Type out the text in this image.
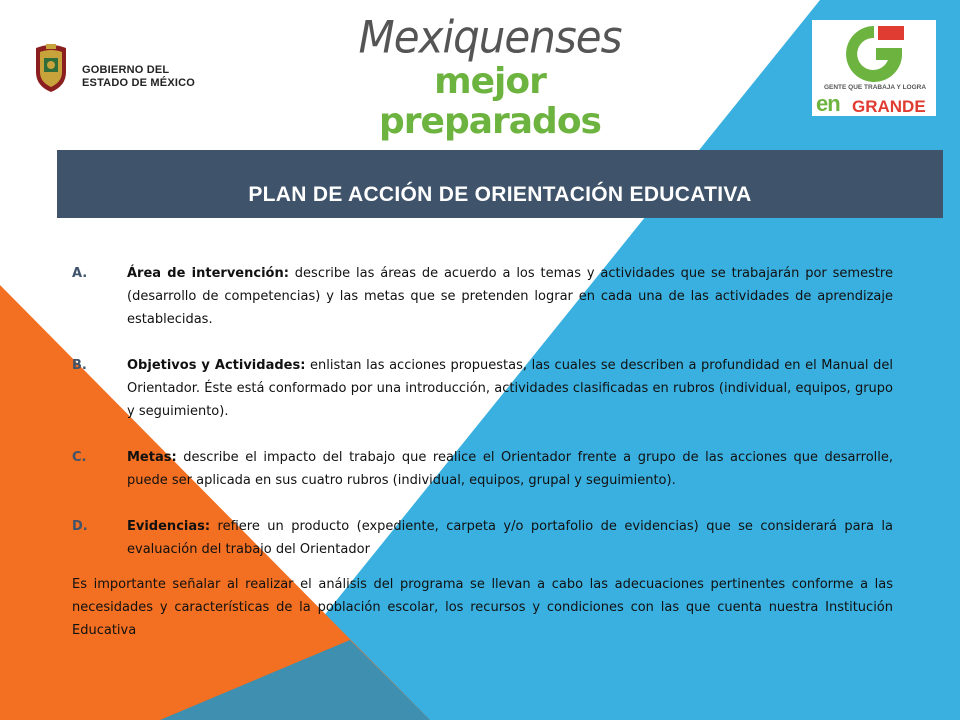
GOBIERNO DEL
ESTADO DE MÉXICO
Mexiquenses
mejor preparados
GENTE QUE TRABAJA Y LOGRA
en GRANDE
PLAN DE ACCIÓN DE ORIENTACIÓN EDUCATIVA
A.	Área de intervención: describe las áreas de acuerdo a los temas y actividades que se trabajarán por semestre (desarrollo de competencias) y las metas que se pretenden lograr en cada una de las actividades de aprendizaje establecidas.
B.	Objetivos y Actividades: enlistan las acciones propuestas, las cuales se describen a profundidad en el Manual del Orientador. Éste está conformado por una introducción, actividades clasificadas en rubros (individual, equipos, grupo y seguimiento).
C.	Metas: describe el impacto del trabajo que realice el Orientador frente a grupo de las acciones que desarrolle, puede ser aplicada en sus cuatro rubros (individual, equipos, grupal y seguimiento).
D.	Evidencias: refiere un producto (expediente, carpeta y/o portafolio de evidencias) que se considerará para la evaluación del trabajo del Orientador
Es importante señalar al realizar el análisis del programa se llevan a cabo las adecuaciones pertinentes conforme a las necesidades y características de la población escolar, los recursos y condiciones con las que cuenta nuestra Institución Educativa
